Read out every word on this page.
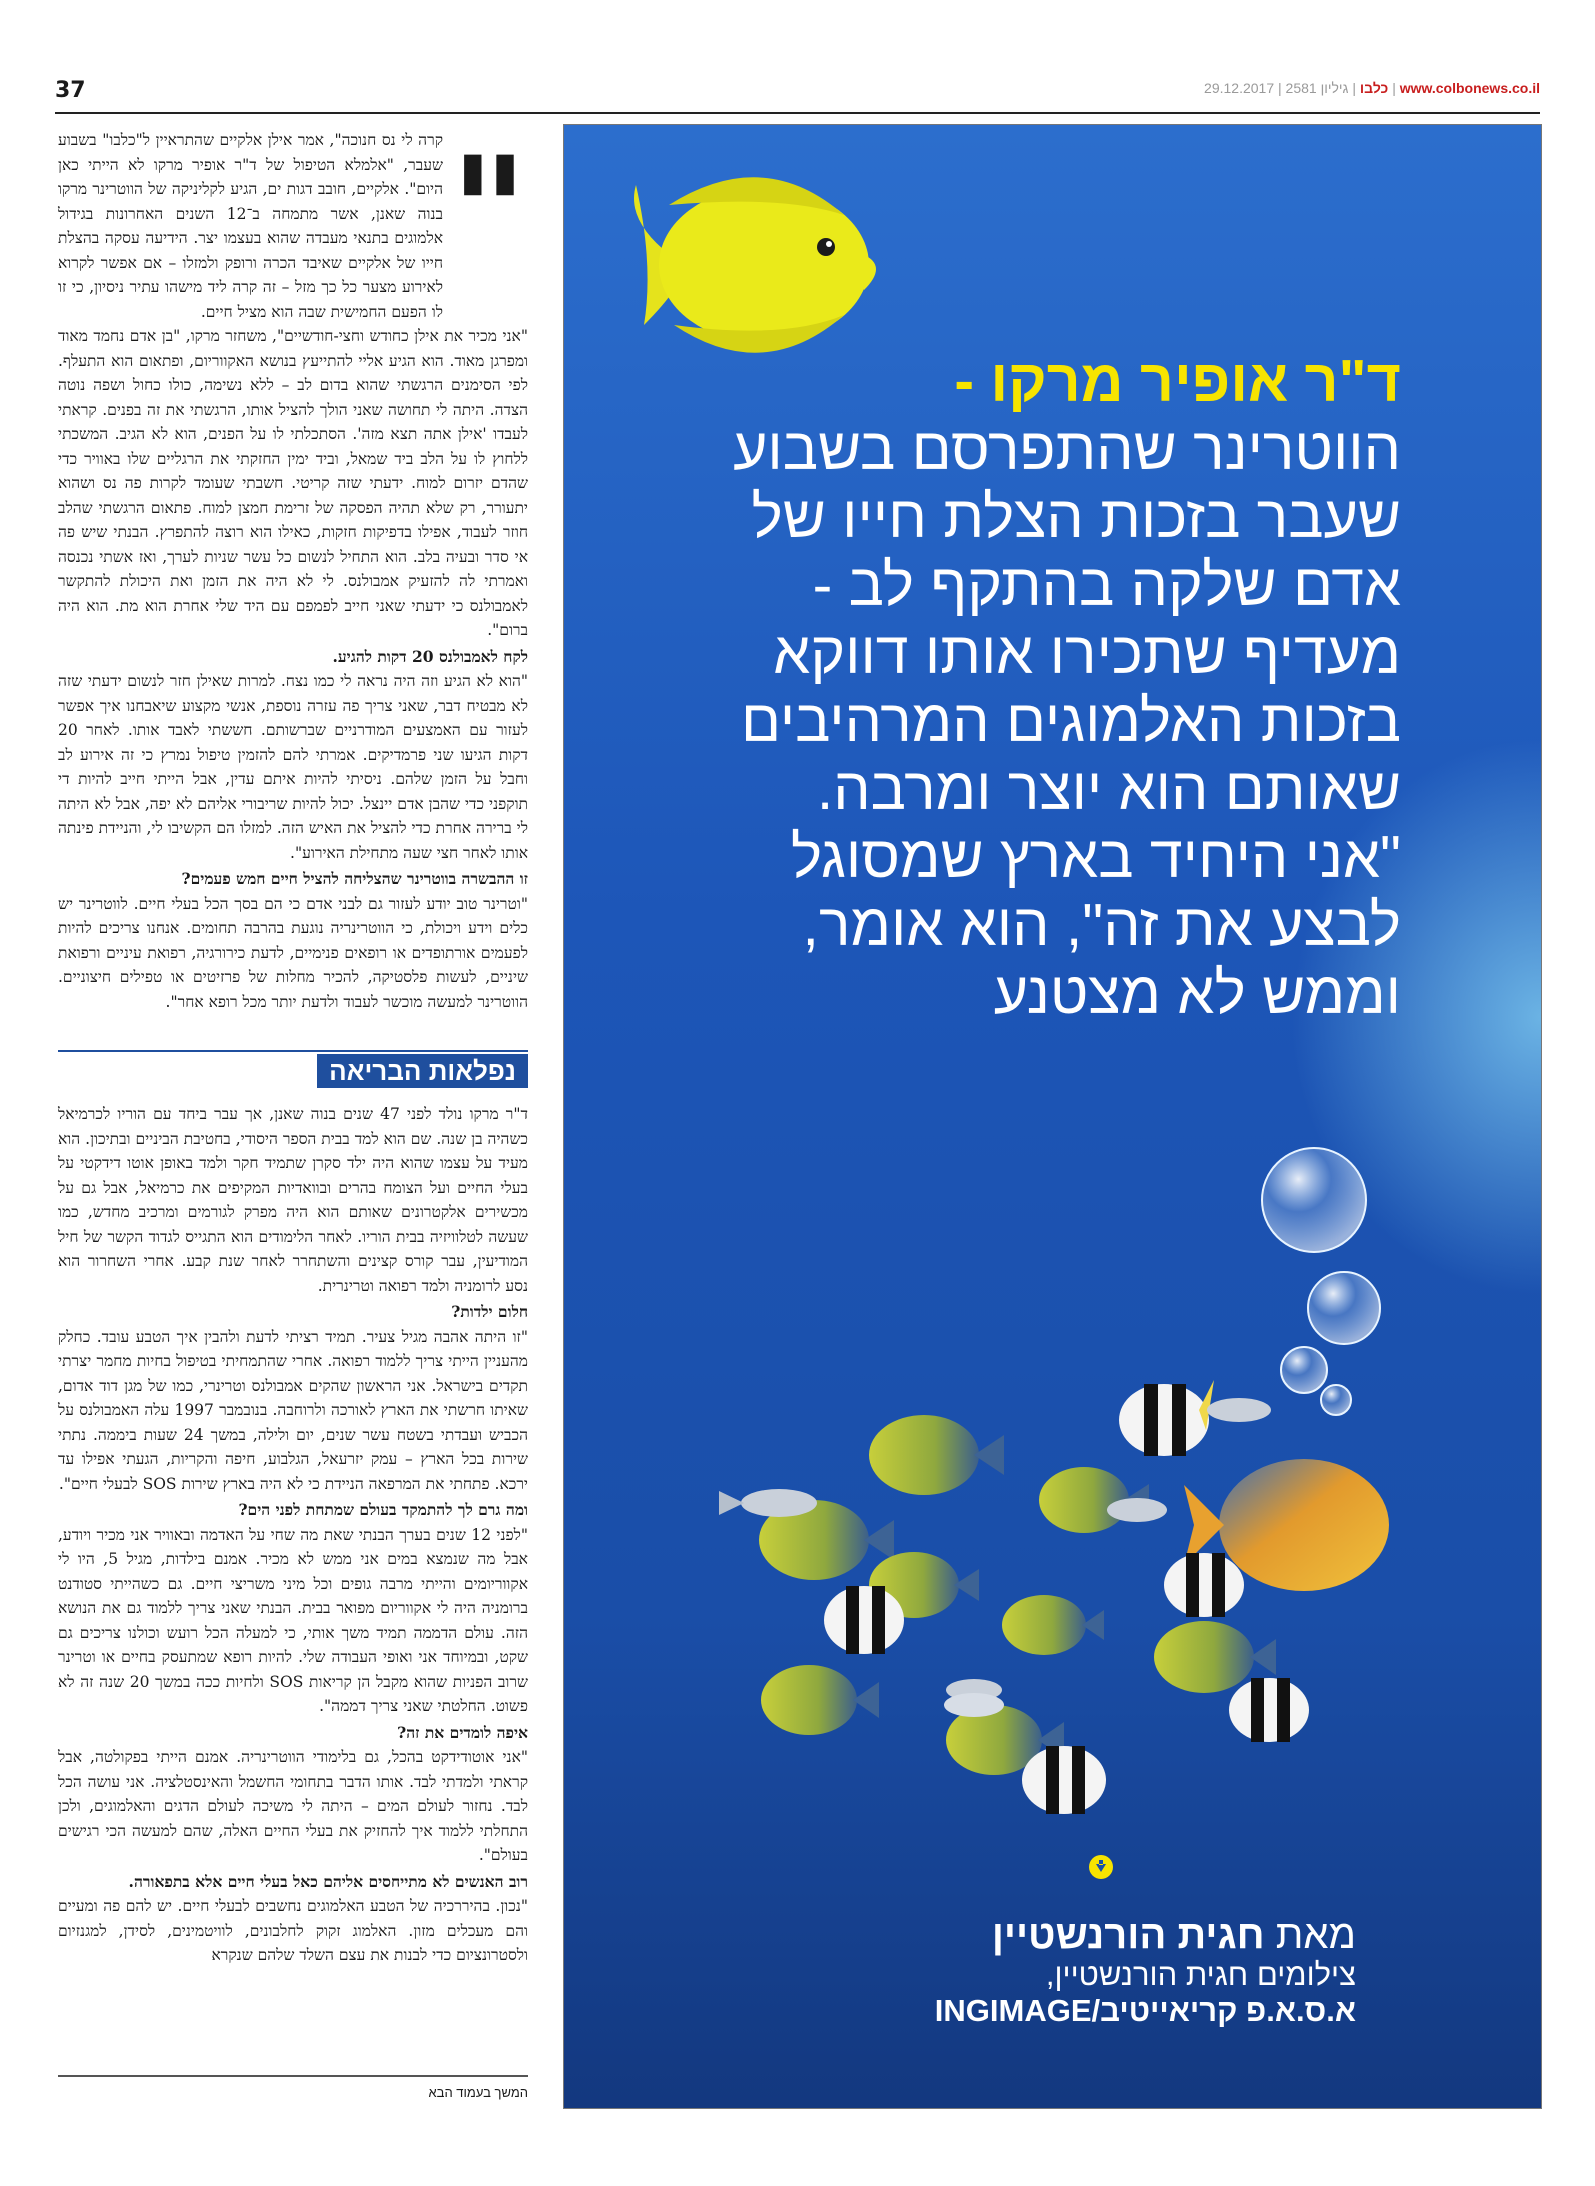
37	www.colbonews.co.il | כלבו | גיליון 2581 | 29.12.2017
"

קרה לי נס חנוכה", אמר אילן אלקיים שהתראיין ל"כלבו" בשבוע שעבר, "אלמלא הטיפול של ד"ר אופיר מרקו לא הייתי כאן היום". אלקיים, חובב דגות ים, הגיע לקליניקה של הווטרינר מרקו בנוה שאנן, אשר מתמחה ב־12 השנים האחרונות בגידול אלמוגים בתנאי מעבדה שהוא בעצמו יצר. הידיעה עסקה בהצלת חייו של אלקיים שאיבד הכרה ורופק ולמזלו – אם אפשר לקרוא לאירוע מצער כל כך מזל – זה קרה ליד מישהו עתיר ניסיון, כי זו לו הפעם החמישית שבה הוא מציל חיים.

"אני מכיר את אילן כחודש וחצי-חודשיים", משחזר מרקו, "בן אדם נחמד מאוד ומפרגן מאוד. הוא הגיע אליי להתייעץ בנושא האקווריום, ופתאום הוא התעלף. לפי הסימנים הרגשתי שהוא בדום לב – ללא נשימה, כולו כחול ושפה נוטה הצדה. היתה לי תחושה שאני הולך להציל אותו, הרגשתי את זה בפנים. קראתי לעבדו 'אילן אתה תצא מזה'. הסתכלתי לו על הפנים, הוא לא הגיב. המשכתי ללחוץ לו על הלב ביד שמאל, וביד ימין החזקתי את הרגליים שלו באוויר כדי שהדם יזרום למוח. ידעתי שזה קריטי. חשבתי שעומד לקרות פה נס ושהוא יתעורר, רק שלא תהיה הפסקה של זרימת חמצן למוח. פתאום הרגשתי שהלב חוזר לעבוד, אפילו בדפיקות חזקות, כאילו הוא רוצה להתפרץ. הבנתי שיש פה אי סדר ובעיה בלב. הוא התחיל לנשום כל עשר שניות לערך, ואז אשתי נכנסה ואמרתי לה להזעיק אמבולנס. לי לא היה את הזמן ואת היכולת להתקשר לאמבולנס כי ידעתי שאני חייב לפמפם עם היד שלי אחרת הוא מת. הוא היה ברום".

לקח לאמבולנס 20 דקות להגיע.

"הוא לא הגיע וזה היה נראה לי כמו נצח. למרות שאילן חזר לנשום ידעתי שזה לא מבטיח דבר, שאני צריך פה עזרה נוספת, אנשי מקצוע שיאבחנו איך אפשר לעזור עם האמצעים המודרניים שברשותם. חששתי לאבד אותו. לאחר 20 דקות הגיעו שני פרמדיקים. אמרתי להם להזמין טיפול נמרץ כי זה אירוע לב וחבל על הזמן שלהם. ניסיתי להיות איתם עדין, אבל הייתי חייב להיות די תוקפני כדי שהבן אדם יינצל. יכול להיות שריבורי אליהם לא יפה, אבל לא היתה לי ברירה אחרת כדי להציל את האיש הזה. למזלו הם הקשיבו לי, והניידת פינתה אותו לאחר חצי שעה מתחילת האירוע".

זו ההבשרה בווטרינר שהצליחה להציל חיים חמש פעמים?

"וטרינר טוב יודע לעזור גם לבני אדם כי הם בסך הכל בעלי חיים. לווטרינר יש כלים וידע ויכולת, כי הווטרינריה נוגעת בהרבה תחומים. אנחנו צריכים להיות לפעמים אורתופדים או רופאים פנימיים, לדעת כירורגיה, רפואת עיניים ורפואת שיניים, לעשות פלסטיקה, להכיר מחלות של פרזיטים או טפילים חיצוניים. הווטרינר למעשה מוכשר לעבוד ולדעת יותר מכל רופא אחר".

נפלאות הבריאה

ד"ר מרקו נולד לפני 47 שנים בנוה שאנן, אך עבר ביחד עם הוריו לכרמיאל כשהיה בן שנה. שם הוא למד בבית הספר היסודי, בחטיבת הביניים ובתיכון. הוא מעיד על עצמו שהוא היה ילד סקרן שתמיד חקר ולמד באופן אוטו דידקטי על בעלי החיים ועל הצומח בהרים ובוואדיות המקיפים את כרמיאל, אבל גם על מכשירים אלקטרונים שאותם הוא היה מפרק לגורמים ומרכיב מחדש, כמו שעשה לטלוויזיה בבית הוריו. לאחר הלימודים הוא התגייס לגדוד הקשר של חיל המודיעין, עבר קורס קצינים והשתחרר לאחר שנת קבע. אחרי השחרור הוא נסע לרומניה ולמד רפואה וטרינרית.

חלום ילדות?

"זו היתה אהבה מגיל צעיר. תמיד רציתי לדעת ולהבין איך הטבע עובד. כחלק מהעניין הייתי צריך ללמוד רפואה. אחרי שהתמחיתי בטיפול בחיות מחמר יצרתי תקדים בישראל. אני הראשון שהקים אמבולנס וטרינרי, כמו של מגן דוד אדום, שאיתו חרשתי את הארץ לאורכה ולרוחבה. בנובמבר 1997 עלה האמבולנס על הכביש ועבדתי בשטח עשר שנים, יום ולילה, במשך 24 שעות ביממה. נתתי שירות בכל הארץ – עמק יזרעאל, הגלבוע, חיפה והקריות, הגעתי אפילו עד ירכא. פתחתי את המרפאה הניידת כי לא היה בארץ שירות SOS לבעלי חיים".

ומה גרם לך להתמקד בעולם שמתחת לפני הים?

"לפני 12 שנים בערך הבנתי שאת מה שחי על האדמה ובאוויר אני מכיר ויודע, אבל מה שנמצא במים אני ממש לא מכיר. אמנם בילדות, מגיל 5, היו לי אקווריומים והייתי מרבה גופים וכל מיני משריצי חיים. גם כשהייתי סטודנט ברומניה היה לי אקווריום מפואר בבית. הבנתי שאני צריך ללמוד גם את הנושא הזה. עולם הדממה תמיד משך אותי, כי למעלה הכל רועש וכולנו צריכים גם שקט, ובמיוחד אני ואופי העבודה שלי. להיות רופא שמתעסק בחיים או וטרינר שרוב הפניות שהוא מקבל הן קריאות SOS ולחיות ככה במשך 20 שנה זה לא פשוט. החלטתי שאני צריך דממה".

איפה לומדים את זה?

"אני אוטודידקט בהכל, גם בלימודי הווטרינריה. אמנם הייתי בפקולטה, אבל קראתי ולמדתי לבד. אותו הדבר בתחומי החשמל והאינסטלציה. אני עושה הכל לבד. נחזור לעולם המים – היתה לי משיכה לעולם הדגים והאלמוגים, ולכן התחלתי ללמוד איך להחזיק את בעלי החיים האלה, שהם למעשה הכי רגישים בעולם".

רוב האנשים לא מתייחסים אליהם כאל בעלי חיים אלא בתפאורה.

"נכון. בהיררכיה של הטבע האלמוגים נחשבים לבעלי חיים. יש להם פה ומעיים והם מעכלים מזון. האלמוג זקוק לחלבונים, לוויטמינים, לסידן, למגנזיום ולסטרונציום כדי לבנות את עצם השלד שלהם שנקרא

המשך בעמוד הבא

ד"ר אופיר מרקו -
הווטרינר שהתפרסם בשבוע שעבר בזכות הצלת חייו של אדם שלקה בהתקף לב - מעדיף שתכירו אותו דווקא בזכות האלמוגים המרהיבים שאותם הוא יוצר ומרבה. "אני היחיד בארץ שמסוגל לבצע את זה", הוא אומר, וממש לא מצטנע

מאת חגית הורנשטיין
צילומים חגית הורנשטיין,
א.ס.א.פ קריאייטיב/INGIMAGE
